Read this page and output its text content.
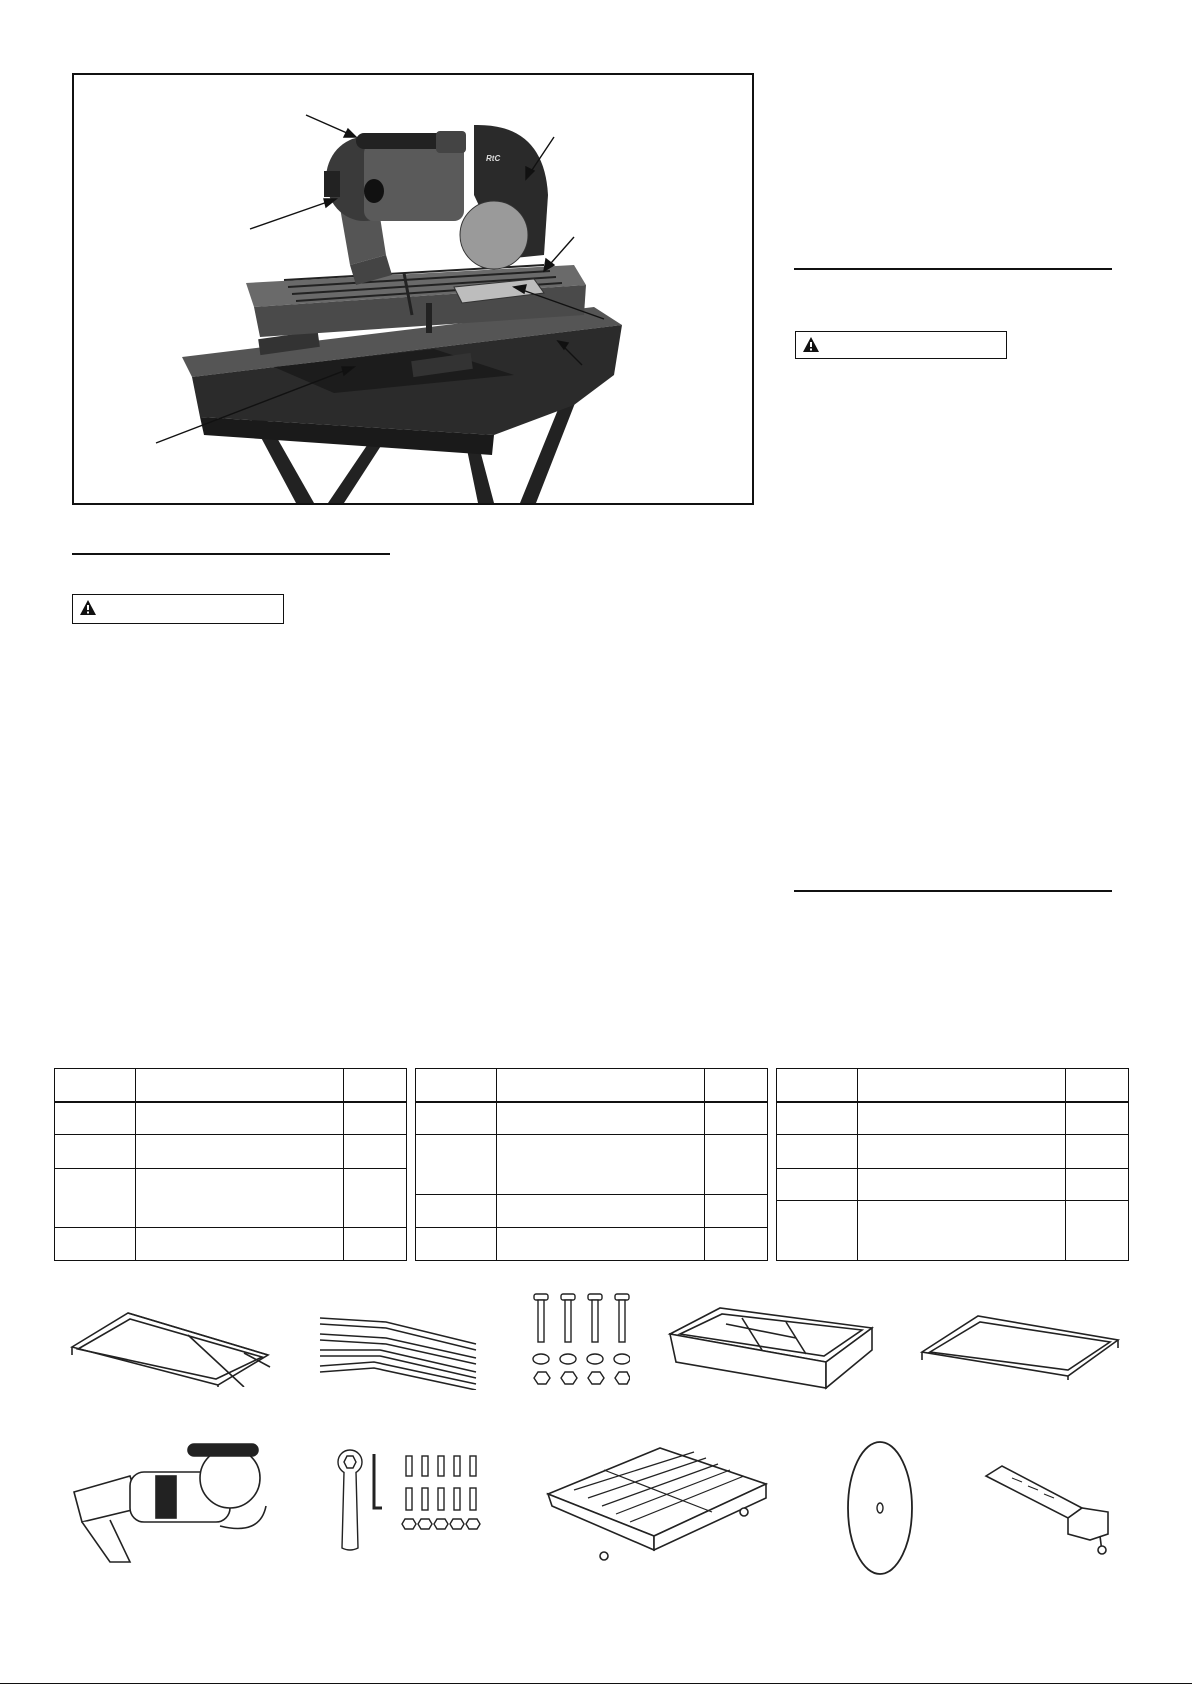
RtC
